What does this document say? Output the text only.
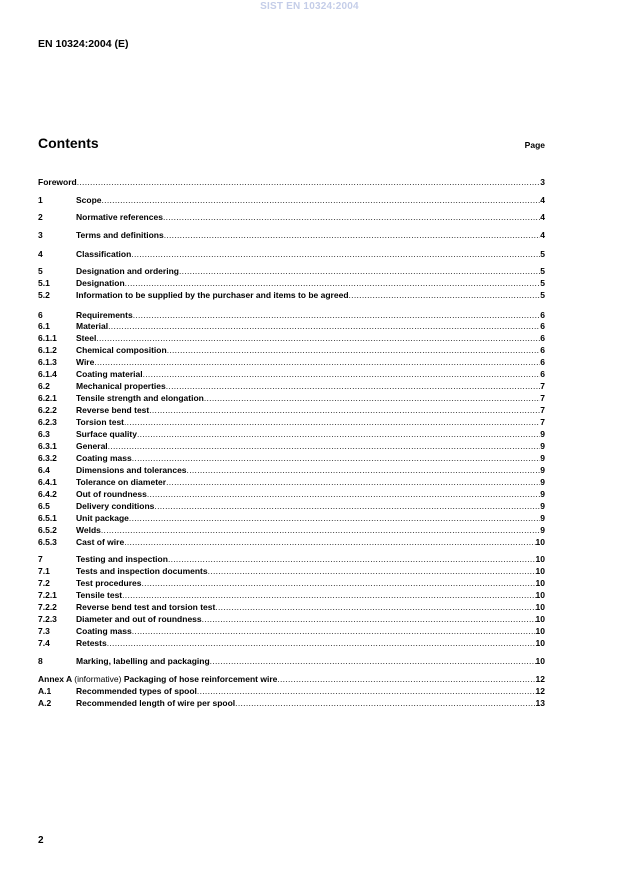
SIST EN 10324:2004
EN 10324:2004 (E)
Contents	Page
Foreword .....	3
1	Scope .....	4
2	Normative references .....	4
3	Terms and definitions .....	4
4	Classification .....	5
5	Designation and ordering .....	5
5.1	Designation .....	5
5.2	Information to be supplied by the purchaser and items to be agreed .....	5
6	Requirements .....	6
6.1	Material .....	6
6.1.1	Steel .....	6
6.1.2	Chemical composition .....	6
6.1.3	Wire .....	6
6.1.4	Coating material .....	6
6.2	Mechanical properties .....	7
6.2.1	Tensile strength and elongation .....	7
6.2.2	Reverse bend test .....	7
6.2.3	Torsion test .....	7
6.3	Surface quality .....	9
6.3.1	General .....	9
6.3.2	Coating mass .....	9
6.4	Dimensions and tolerances .....	9
6.4.1	Tolerance on diameter .....	9
6.4.2	Out of roundness .....	9
6.5	Delivery conditions .....	9
6.5.1	Unit package .....	9
6.5.2	Welds .....	9
6.5.3	Cast of wire .....	10
7	Testing and inspection .....	10
7.1	Tests and inspection documents .....	10
7.2	Test procedures .....	10
7.2.1	Tensile test .....	10
7.2.2	Reverse bend test and torsion test .....	10
7.2.3	Diameter and out of roundness .....	10
7.3	Coating mass .....	10
7.4	Retests .....	10
8	Marking, labelling and packaging .....	10
Annex A (informative) Packaging of hose reinforcement wire .....	12
A.1	Recommended types of spool .....	12
A.2	Recommended length of wire per spool .....	13
2
